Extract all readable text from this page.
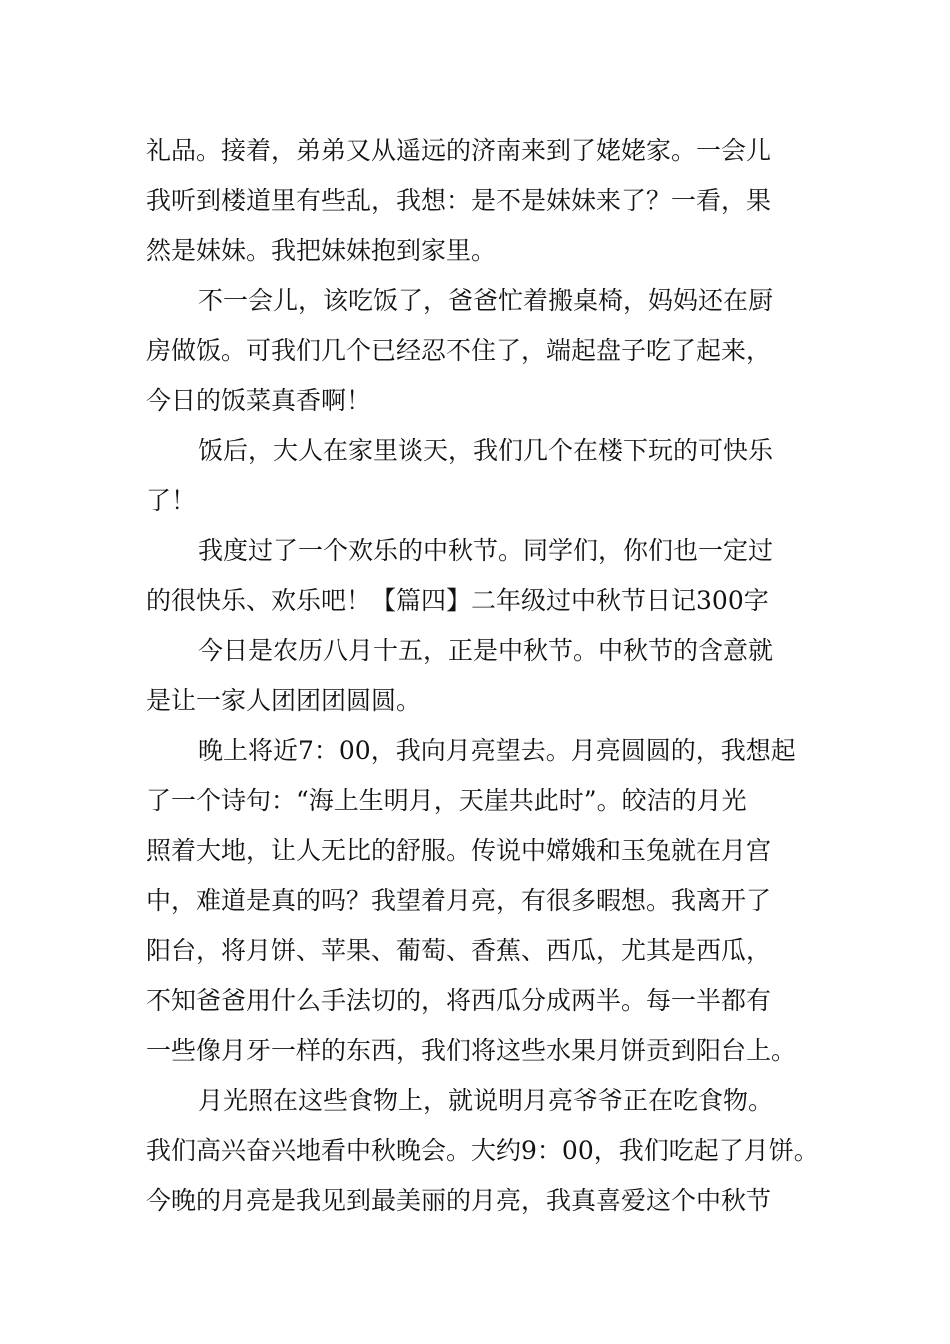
礼品。接着，弟弟又从遥远的济南来到了姥姥家。一会儿
我听到楼道里有些乱，我想：是不是妹妹来了？一看，果
然是妹妹。我把妹妹抱到家里。
不一会儿，该吃饭了，爸爸忙着搬桌椅，妈妈还在厨
房做饭。可我们几个已经忍不住了，端起盘子吃了起来，
今日的饭菜真香啊！
饭后，大人在家里谈天，我们几个在楼下玩的可快乐
了！
我度过了一个欢乐的中秋节。同学们，你们也一定过
的很快乐、欢乐吧！【篇四】二年级过中秋节日记300字
今日是农历八月十五，正是中秋节。中秋节的含意就
是让一家人团团团圆圆。
晚上将近7：00，我向月亮望去。月亮圆圆的，我想起
了一个诗句：“海上生明月，天崖共此时”。皎洁的月光
照着大地，让人无比的舒服。传说中嫦娥和玉兔就在月宫
中，难道是真的吗？我望着月亮，有很多暇想。我离开了
阳台，将月饼、苹果、葡萄、香蕉、西瓜，尤其是西瓜，
不知爸爸用什么手法切的，将西瓜分成两半。每一半都有
一些像月牙一样的东西，我们将这些水果月饼贡到阳台上。
月光照在这些食物上，就说明月亮爷爷正在吃食物。
我们高兴奋兴地看中秋晚会。大约9：00，我们吃起了月饼。
今晚的月亮是我见到最美丽的月亮，我真喜爱这个中秋节
